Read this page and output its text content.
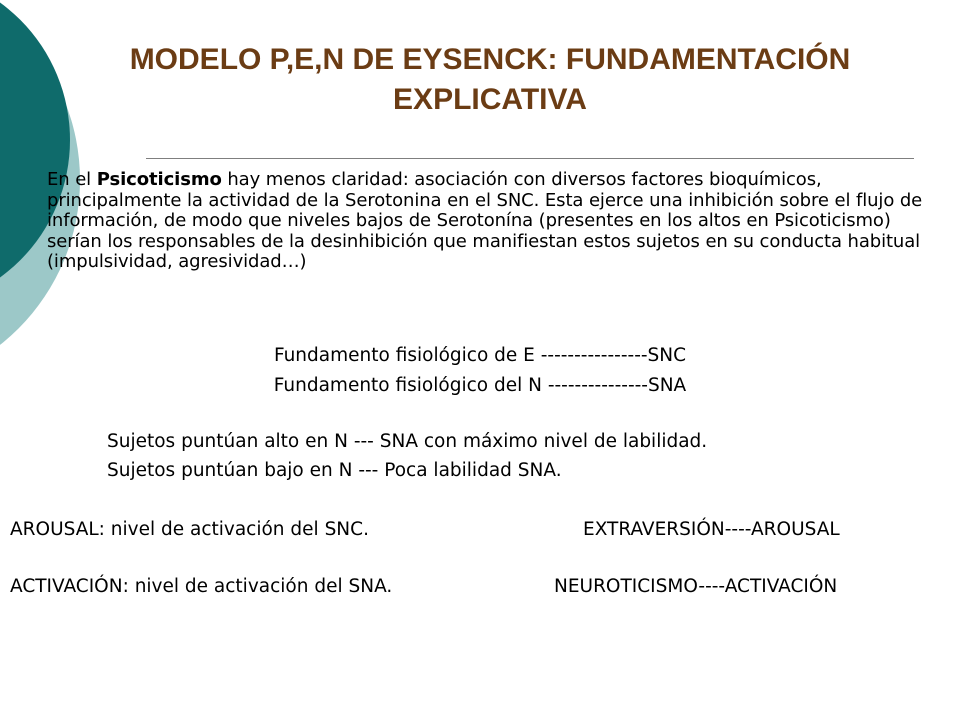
MODELO P,E,N DE EYSENCK: FUNDAMENTACIÓN EXPLICATIVA

En el Psicoticismo hay menos claridad: asociación con diversos factores bioquímicos, principalmente la actividad de la Serotonina en el SNC. Esta ejerce una inhibición sobre el flujo de información, de modo que niveles bajos de Serotonína (presentes en los altos en Psicoticismo) serían los responsables de la desinhibición que manifiestan estos sujetos en su conducta habitual (impulsividad, agresividad…)

Fundamento fisiológico de E ----------------SNC
Fundamento fisiológico del N ---------------SNA
Sujetos puntúan alto en N --- SNA con máximo nivel de labilidad.
Sujetos puntúan bajo en N --- Poca labilidad SNA.
AROUSAL: nivel de activación del SNC.	EXTRAVERSIÓN----AROUSAL
ACTIVACIÓN: nivel de activación del SNA.	NEUROTICISMO----ACTIVACIÓN
